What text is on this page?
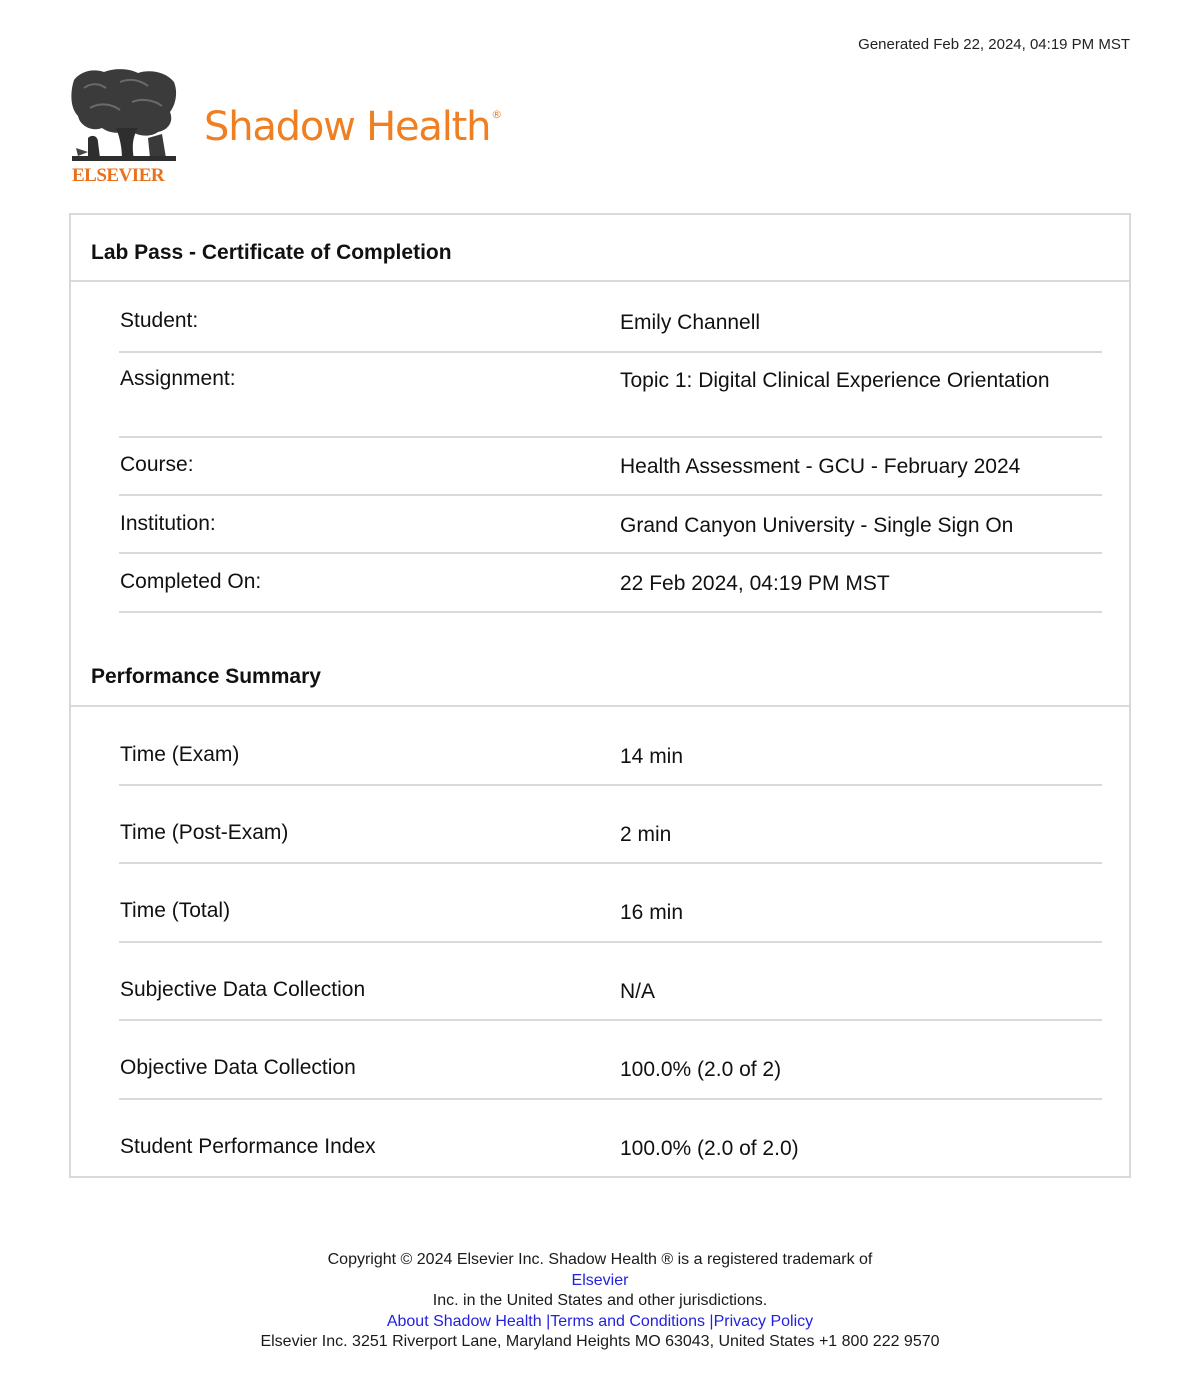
Generated Feb 22, 2024, 04:19 PM MST
ELSEVIER
Shadow Health®
Lab Pass - Certificate of Completion
Student:	Emily Channell
Assignment:	Topic 1: Digital Clinical Experience Orientation
Course:	Health Assessment - GCU - February 2024
Institution:	Grand Canyon University - Single Sign On
Completed On:	22 Feb 2024, 04:19 PM MST
Performance Summary
Time (Exam)	14 min
Time (Post-Exam)	2 min
Time (Total)	16 min
Subjective Data Collection	N/A
Objective Data Collection	100.0% (2.0 of 2)
Student Performance Index	100.0% (2.0 of 2.0)
Copyright © 2024 Elsevier Inc. Shadow Health ® is a registered trademark of
Elsevier
Inc. in the United States and other jurisdictions.
About Shadow Health |Terms and Conditions |Privacy Policy
Elsevier Inc. 3251 Riverport Lane, Maryland Heights MO 63043, United States +1 800 222 9570
